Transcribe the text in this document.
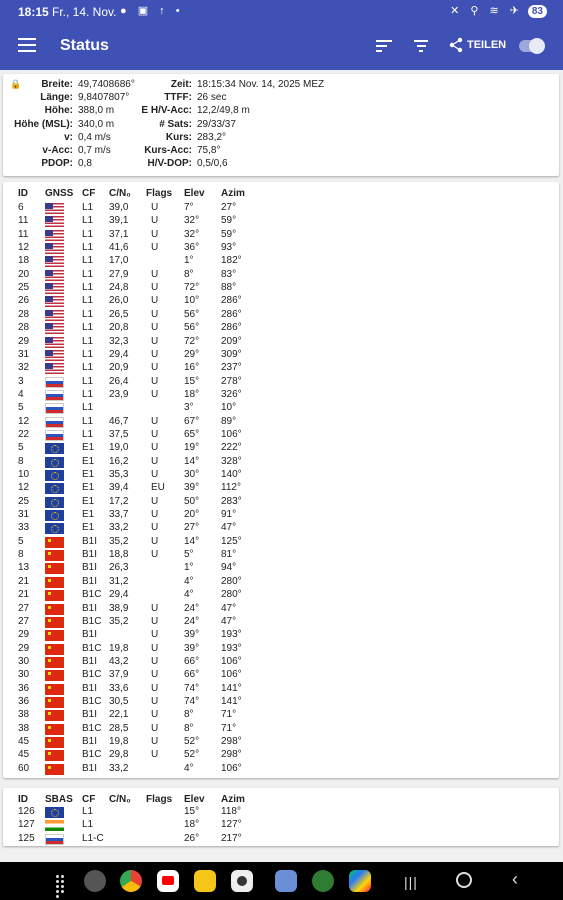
18:15 Fr., 14. Nov. ● ▣ ↑ •	✕ ⚲ ≋ ✈ 83
Status	TEILEN
🔒 Breite: 49,7408686°
Länge: 9,8407807°
Höhe: 388,0 m
Höhe (MSL): 340,0 m
v: 0,4 m/s
v-Acc: 0,7 m/s
PDOP: 0,8
Zeit: 18:15:34 Nov. 14, 2025 MEZ
TTFF: 26 sec
E H/V-Acc: 12,2/49,8 m
# Sats: 29/33/37
Kurs: 283,2°
Kurs-Acc: 75,8°
H/V-DOP: 0,5/0,6
ID GNSS CF C/N₀ Flags Elev Azim
6	L1 39,0 U	7°	27°
11	L1 39,1 U	32° 59°
11	L1 37,1 U	32° 59°
12	L1 41,6 U	36° 93°
18	L1 17,0	1°	182°
20	L1 27,9 U	8°	83°
25	L1 24,8 U	72° 88°
26	L1 26,0 U	10° 286°
28	L1 26,5 U	56° 286°
28	L1 20,8 U	56° 286°
29	L1 32,3 U	72° 209°
31	L1 29,4 U	29° 309°
32	L1 20,9 U	16° 237°
3	L1 26,4 U	15° 278°
4	L1 23,9 U	18° 326°
5	L1	3°	10°
12	L1 46,7 U	67° 89°
22	L1 37,5 U	65° 106°
5	E1 19,0 U	19° 222°
8	E1 16,2 U	14° 328°
10	E1 35,3 U	30° 140°
12	E1 39,4 EU 39° 112°
25	E1 17,2 U	50° 283°
31	E1 33,7 U	20° 91°
33	E1 33,2 U	27° 47°
5	B1I 35,2 U	14° 125°
8	B1I 18,8 U	5°	81°
13	B1I 26,3	1°	94°
21	B1I 31,2	4°	280°
21	B1C 29,4	4°	280°
27	B1I 38,9 U	24° 47°
27	B1C 35,2 U	24° 47°
29	B1I	U	39° 193°
29	B1C 19,8 U	39° 193°
30	B1I 43,2 U	66° 106°
30	B1C 37,9 U	66° 106°
36	B1I 33,6 U	74° 141°
36	B1C 30,5 U	74° 141°
38	B1I 22,1 U	8°	71°
38	B1C 28,5 U	8°	71°
45	B1I 19,8 U	52° 298°
45	B1C 29,8 U	52° 298°
60	B1I 33,2	4°	106°
ID SBAS CF C/N₀ Flags Elev Azim
126	L1	15° 118°
127	L1	18° 127°
125	L1-C	26° 217°
|||	‹
